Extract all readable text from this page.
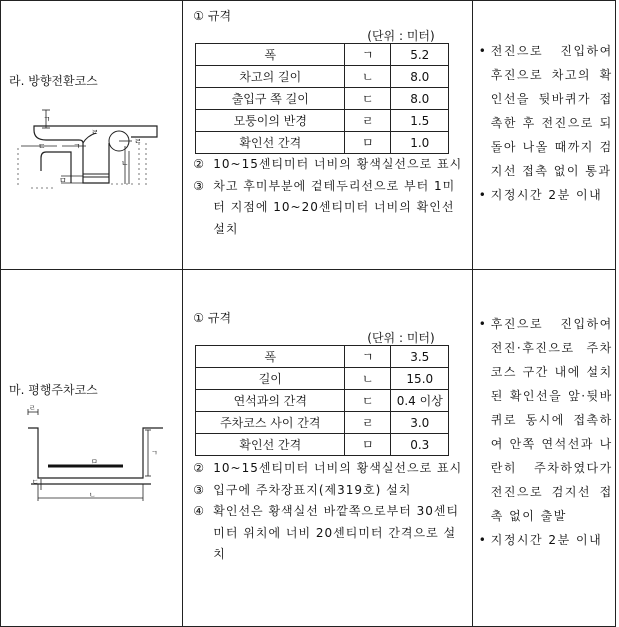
라. 방향전환코스
ㄱ
ㄹ
ㄷ	ㄱ
ㄹ
ㄴ
ㅁ

① 규격
(단위 : 미터)
폭	ㄱ	5.2
차고의 길이	ㄴ	8.0
출입구 쪽 길이	ㄷ	8.0
모퉁이의 반경	ㄹ	1.5
확인선 간격	ㅁ	1.0
② 10~15센티미터 너비의 황색실선으로 표시
③ 차고 후미부분에 겉테두리선으로 부터 1미터 지점에 10~20센티미터 너비의 확인선 설치

• 전진으로 진입하여 후진으로 차고의 확인선을 뒷바퀴가 접촉한 후 전진으로 되돌아 나올 때까지 검지선 접촉 없이 통과
• 지정시간 2분 이내

마. 평행주차코스
ㄹ
ㄱ
ㅁ
ㄷ
ㄴ

① 규격
(단위 : 미터)
폭	ㄱ	3.5
길이	ㄴ	15.0
연석과의 간격	ㄷ	0.4 이상
주차코스 사이 간격	ㄹ	3.0
확인선 간격	ㅁ	0.3
② 10~15센티미터 너비의 황색실선으로 표시
③ 입구에 주차장표지(제319호) 설치
④ 확인선은 황색실선 바깥쪽으로부터 30센티미터 위치에 너비 20센티미터 간격으로 설치

• 후진으로 진입하여 전진·후진으로 주차코스 구간 내에 설치된 확인선을 앞·뒷바퀴로 동시에 접촉하여 안쪽 연석선과 나란히 주차하였다가 전진으로 검지선 접촉 없이 출발
• 지정시간 2분 이내
